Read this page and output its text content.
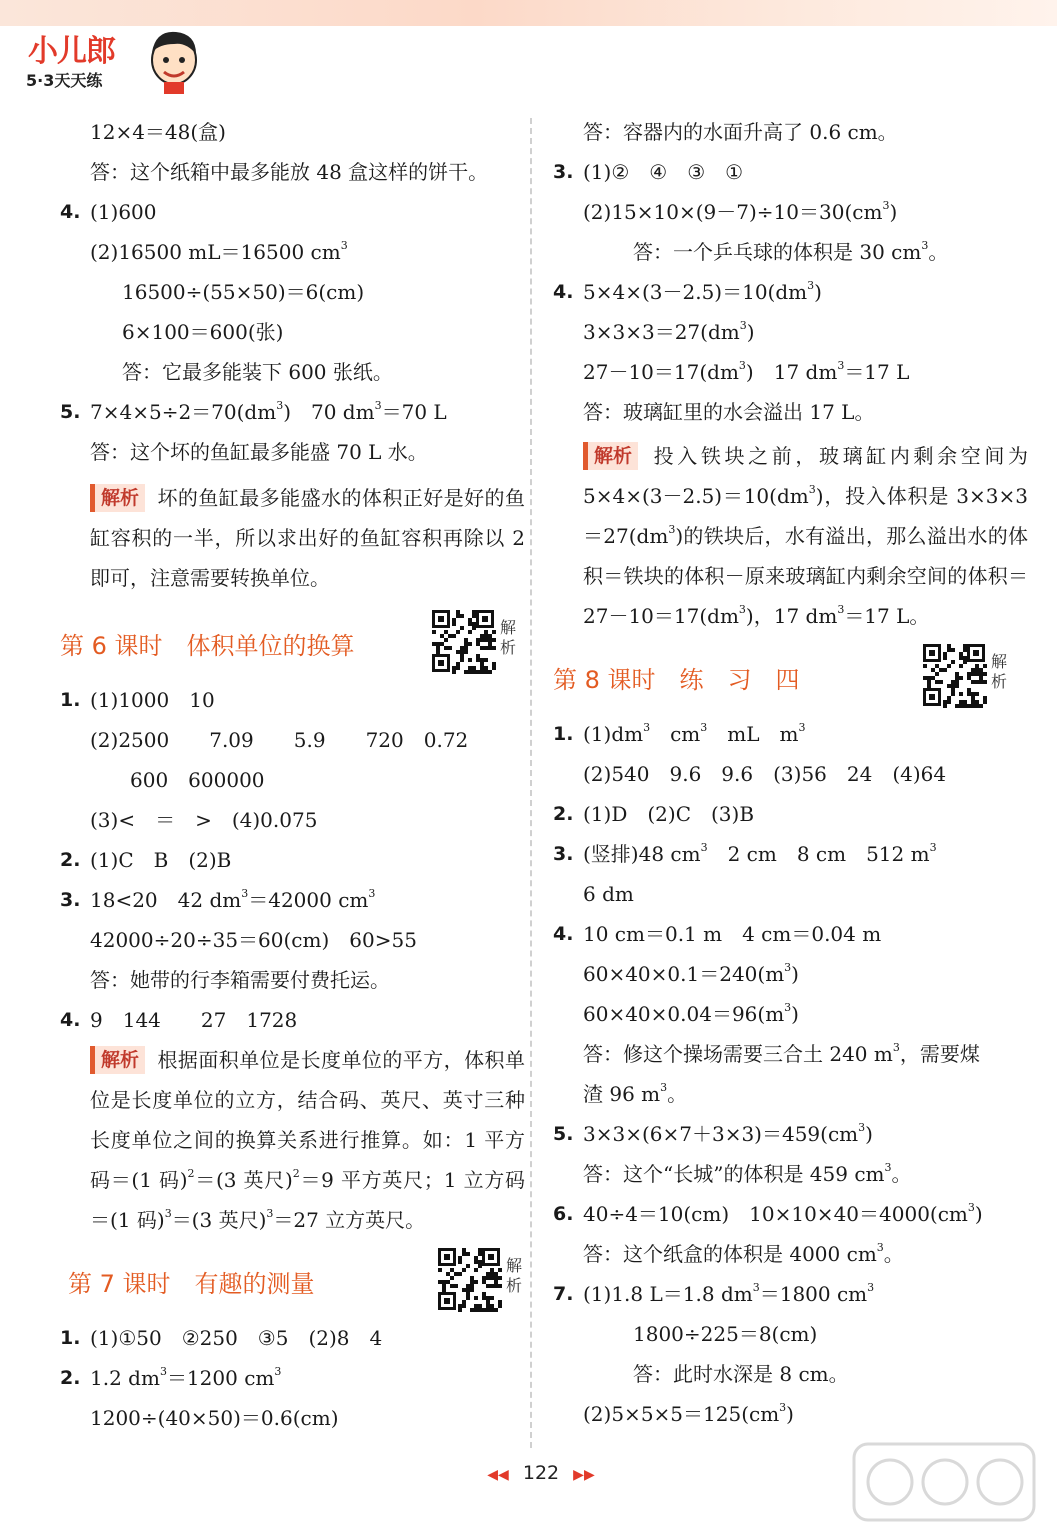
小儿郎
5·3天天练
12×4＝48(盒)
答：这个纸箱中最多能放 48 盒这样的饼干。
4. (1)600
(2)16500 mL＝16500 $cm^3$
16500÷(55×50)＝6(cm)
6×100＝600(张)
答：它最多能装下 600 张纸。
5. $7\times 4\times 5\div 2=70(dm^3)$　70 $dm^3=70$ L
答：这个坏的鱼缸最多能盛 70 L 水。
解析 坏的鱼缸最多能盛水的体积正好是好的鱼缸容积的一半，所以求出好的鱼缸容积再除以 2 即可，注意需要转换单位。
第 6 课时　体积单位的换算
解析
1. (1)1000　10
(2)2500　　7.09　　5.9　　720　0.72
　　600　600000
(3)<　＝　>　(4)0.075
2. (1)C　B　(2)B
3. 18<20　42 $dm^3=42000$ $cm^3$
42000÷20÷35＝60(cm)　60>55
答：她带的行李箱需要付费托运。
4. 9　144　　27　1728
解析 根据面积单位是长度单位的平方，体积单位是长度单位的立方，结合码、英尺、英寸三种长度单位之间的换算关系进行推算。如：1 平方码＝(1 码)$^2$＝(3 英尺)$^2$＝9 平方英尺；1 立方码＝(1 码)$^3$＝(3 英尺)$^3$＝27 立方英尺。
第 7 课时　有趣的测量
解析
1. (1)①50　②250　③5　(2)8　4
2. 1.2 $dm^3=1200$ $cm^3$
1200÷(40×50)＝0.6(cm)
答：容器内的水面升高了 0.6 cm。
3. (1)②　④　③　①
$(2)15\times 10\times(9-7)\div 10=30(cm^3)$
答：一个乒乓球的体积是 30 $cm^3$。
4. $5\times 4\times(3-2.5)=10(dm^3)$
$3\times 3\times 3=27(dm^3)$
$27-10=17(dm^3)$　17 $dm^3=17$ L
答：玻璃缸里的水会溢出 17 L。
解析 投入铁块之前，玻璃缸内剩余空间为 $5\times 4\times(3-2.5)=10(dm^3)$，投入体积是 $3\times 3\times 3=27(dm^3)$的铁块后，水有溢出，那么溢出水的体积＝铁块的体积－原来玻璃缸内剩余空间的体积$=27-10=17(dm^3)$，17 $dm^3=17$ L。
第 8 课时　练　习　四
解析
1. $(1)dm^3$　$cm^3$　mL　$m^3$
(2)540　9.6　9.6　(3)56　24　(4)64
2. (1)D　(2)C　(3)B
3. (竖排)48 $cm^3$　2 cm　8 cm　512 $m^3$
6 dm
4. 10 cm＝0.1 m　4 cm＝0.04 m
$60\times 40\times 0.1=240(m^3)$
$60\times 40\times 0.04=96(m^3)$
答：修这个操场需要三合土 240 $m^3$，需要煤
渣 96 $m^3$。
5. $3\times 3\times(6\times 7+3\times 3)=459(cm^3)$
答：这个“长城”的体积是 459 $cm^3$。
6. 40÷4＝10(cm)　$10\times 10\times 40=4000(cm^3)$
答：这个纸盒的体积是 4000 $cm^3$。
7. (1)1.8 L＝1.8 $dm^3=1800$ $cm^3$
1800÷225＝8(cm)
答：此时水深是 8 cm。
$(2)5\times 5\times 5=125(cm^3)$
◀◀ 122 ▶▶
